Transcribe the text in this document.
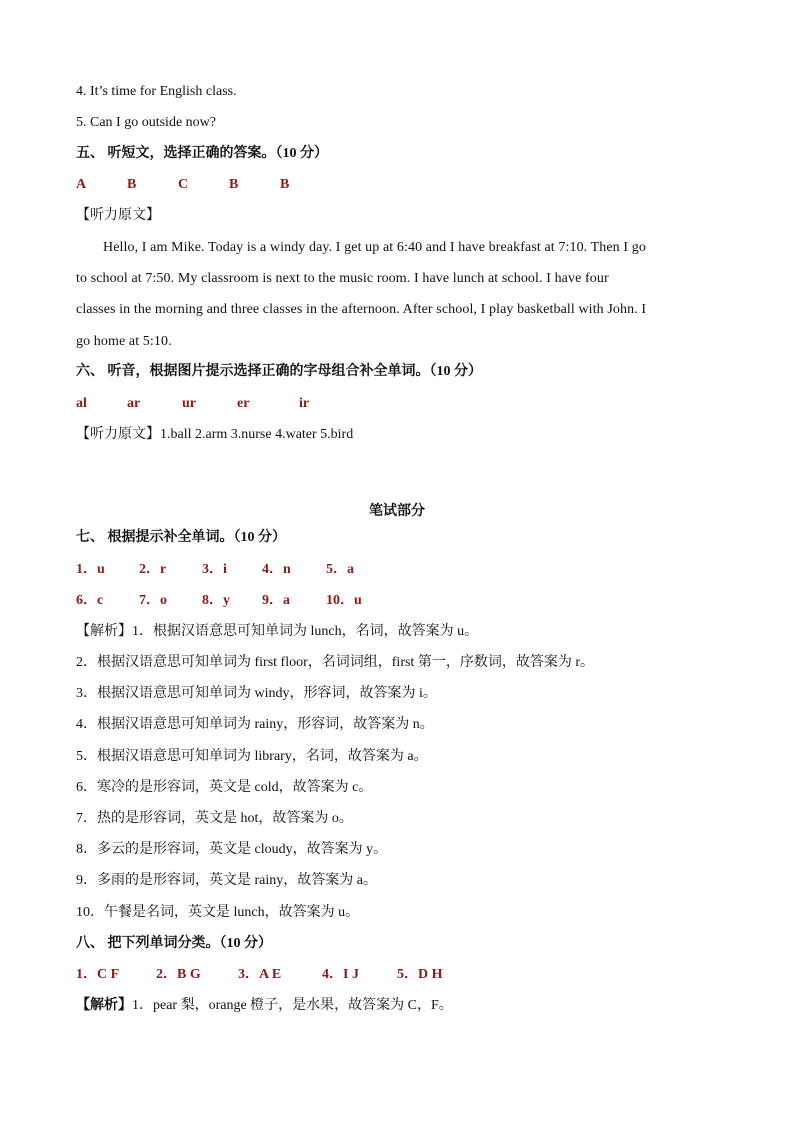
4. It’s time for English class.
5. Can I go outside now?
五、 听短文，选择正确的答案。（10 分）
A	B	C	B	B
【听力原文】
Hello, I am Mike. Today is a windy day. I get up at 6:40 and I have breakfast at 7:10. Then I go
to school at 7:50. My classroom is next to the music room. I have lunch at school. I have four
classes in the morning and three classes in the afternoon. After school, I play basketball with John. I
go home at 5:10.
六、 听音，根据图片提示选择正确的字母组合补全单词。（10 分）
al	ar	ur	er	ir
【听力原文】1.ball 2.arm 3.nurse 4.water 5.bird
笔试部分
七、 根据提示补全单词。（10 分）
1．u 2．r	3．i	4．n	5．a
6．c	7．o	8．y 9．a	10．u
【解析】1．根据汉语意思可知单词为 lunch，名词，故答案为 u。
2．根据汉语意思可知单词为 first floor，名词词组，first 第一，序数词，故答案为 r。
3．根据汉语意思可知单词为 windy，形容词，故答案为 i。
4．根据汉语意思可知单词为 rainy，形容词，故答案为 n。
5．根据汉语意思可知单词为 library，名词，故答案为 a。
6．寒冷的是形容词，英文是 cold，故答案为 c。
7．热的是形容词，英文是 hot，故答案为 o。
8．多云的是形容词，英文是 cloudy，故答案为 y。
9．多雨的是形容词，英文是 rainy，故答案为 a。
10．午餐是名词，英文是 lunch，故答案为 u。
八、 把下列单词分类。（10 分）
1．C F	2．B G	3．A E	4．I J	5．D H
【解析】1．pear 梨，orange 橙子，是水果，故答案为 C，F。
